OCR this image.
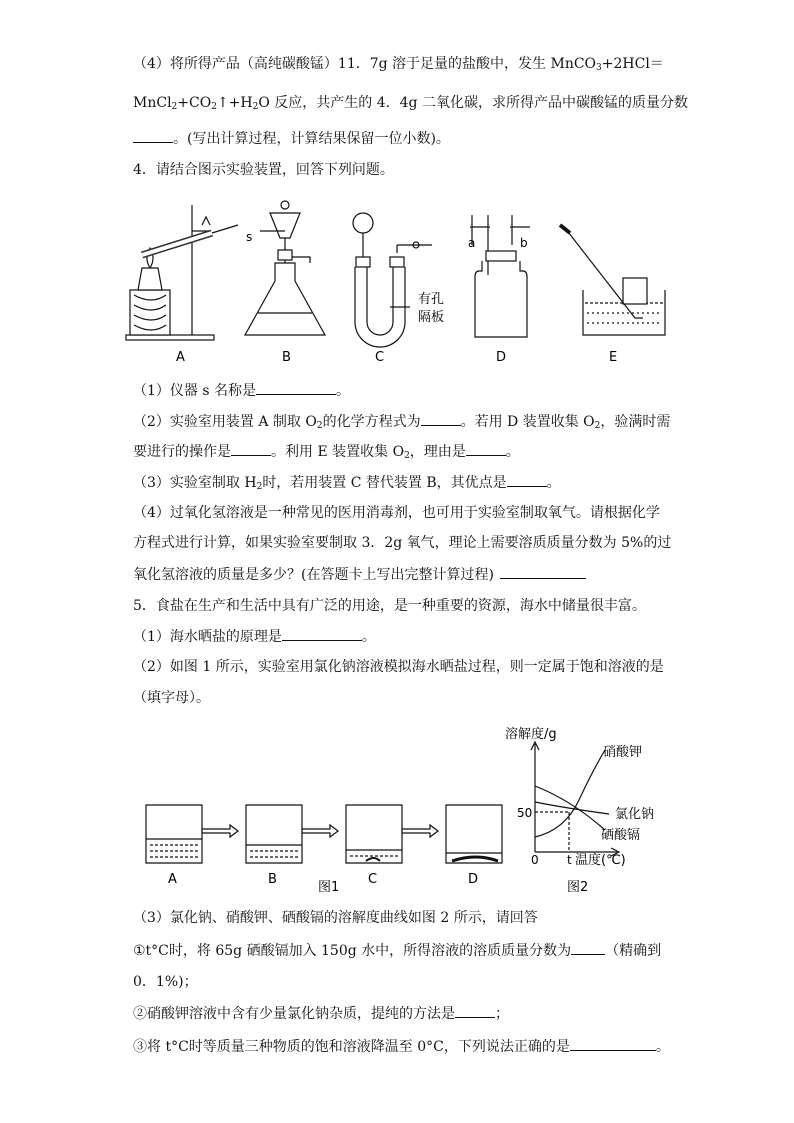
（4）将所得产品（高纯碳酸锰）11．7g 溶于足量的盐酸中，发生 MnCO$_3$+2HCl＝
$MnCl_2+CO_2↑+H_2O$ 反应，共产生的 4．4g 二氧化碳，求所得产品中碳酸锰的质量分数
。(写出计算过程，计算结果保留一位小数)。
4．请结合图示实验装置，回答下列问题。
A
s
B
有孔
隔板
C
a	b
D	E
（1）仪器 s 名称是	。
（2）实验室用装置 A 制取 $O_2$的化学方程式为	。若用 D 装置收集 $O_2$，验满时需
要进行的操作是	。利用 E 装置收集 $O_2$，理由是	。
（3）实验室制取 $H_2$时，若用装置 C 替代装置 B，其优点是	。
（4）过氧化氢溶液是一种常见的医用消毒剂，也可用于实验室制取氧气。请根据化学
方程式进行计算，如果实验室要制取 3．2g 氧气，理论上需要溶质质量分数为 5%的过
氧化氢溶液的质量是多少？(在答题卡上写出完整计算过程)
5．食盐在生产和生活中具有广泛的用途，是一种重要的资源，海水中储量很丰富。
（1）海水晒盐的原理是	。
（2）如图 1 所示，实验室用氯化钠溶液模拟海水晒盐过程，则一定属于饱和溶液的是
（填字母）。
A	B	C	D
图1
溶解度/g
温度(℃)
0 t
50
硝酸钾
氯化钠
硒酸镉
图2
（3）氯化钠、硝酸钾、硒酸镉的溶解度曲线如图 2 所示，请回答
①t°C时，将 65g 硒酸镉加入 150g 水中，所得溶液的溶质质量分数为 （精确到
0．1%)；
②硝酸钾溶液中含有少量氯化钠杂质，提纯的方法是	；
③将 t°C时等质量三种物质的饱和溶液降温至 0°C，下列说法正确的是	。
